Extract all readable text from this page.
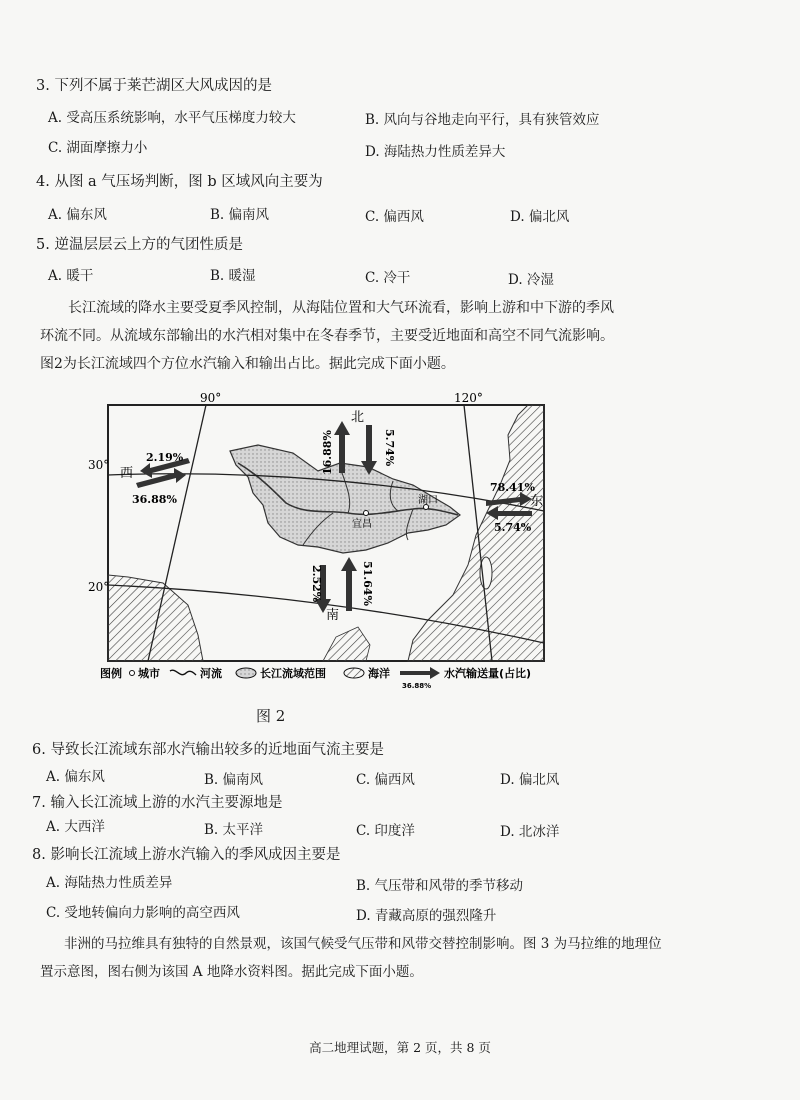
3. 下列不属于莱芒湖区大风成因的是
A. 受高压系统影响，水平气压梯度力较大	B. 风向与谷地走向平行，具有狭管效应
C. 湖面摩擦力小	D. 海陆热力性质差异大
4. 从图 a 气压场判断，图 b 区域风向主要为
A. 偏东风	B. 偏南风	C. 偏西风	D. 偏北风
5. 逆温层层云上方的气团性质是
A. 暖干	B. 暖湿	C. 冷干	D. 冷湿
长江流域的降水主要受夏季风控制，从海陆位置和大气环流看，影响上游和中下游的季风
环流不同。从流域东部输出的水汽相对集中在冬春季节，主要受近地面和高空不同气流影响。
图2为长江流域四个方位水汽输入和输出占比。据此完成下面小题。
90°	120°
30°
20°
宜昌
湖口
北
16.88%	5.74%
南
2.52%	51.64%
西
2.19%
36.88%	东
78.41%
5.74%
图例 城市	河流	长江流域范围	海洋
36.88%
水汽输送量(占比)
图 2
6. 导致长江流域东部水汽输出较多的近地面气流主要是
A. 偏东风	B. 偏南风	C. 偏西风	D. 偏北风
7. 输入长江流域上游的水汽主要源地是
A. 大西洋	B. 太平洋	C. 印度洋	D. 北冰洋
8. 影响长江流域上游水汽输入的季风成因主要是
A. 海陆热力性质差异	B. 气压带和风带的季节移动
C. 受地转偏向力影响的高空西风	D. 青藏高原的强烈隆升
非洲的马拉维具有独特的自然景观，该国气候受气压带和风带交替控制影响。图 3 为马拉维的地理位
置示意图，图右侧为该国 A 地降水资料图。据此完成下面小题。
高二地理试题，第 2 页，共 8 页
